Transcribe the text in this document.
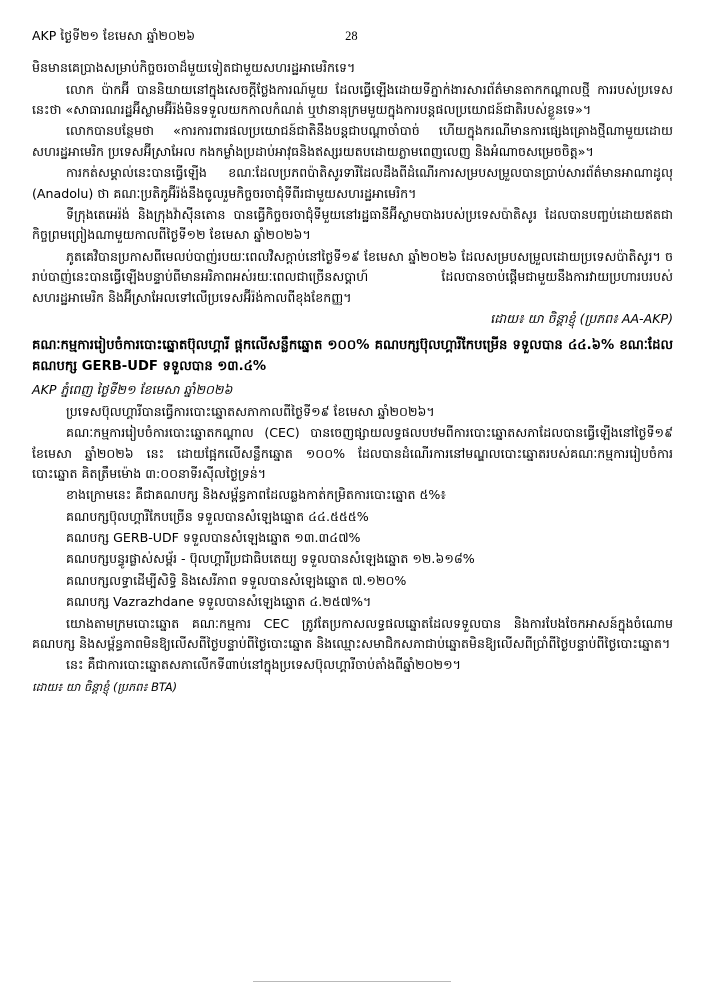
AKP ថ្ងៃទី២១ ខែមេសា ឆ្នាំ២០២៦	28

មិនមានគេប្រាងសម្រាប់កិច្ចចរចាដ៏មួយទៀតជាមួយសហរដ្ឋអាមេរិកទេ។

លោក ប៉ាកអ៊ី បាននិយាយនៅក្នុងសេចក្ដីថ្លែងការណ៍មួយ ដែលធ្វើឡើងដោយទីភ្នាក់ងារសារព័ត៌មានតាកកណ្ដាលថ្មី ការរបស់ប្រទេសនេះថា «សាធារណរដ្ឋអ៊ីស្លាមអ៊ីរ៉ង់មិនទទួលយកកាលកំណត់ ឬឋានានុក្រមមួយក្នុងការបន្តផលប្រយោជន៍ជាតិរបស់ខ្លួនទេ»។

លោកបានបន្ថែមថា «ការការពារផលប្រយោជន៍ជាតិនឹងបន្តជាបណ្ដាចាំបាច់ ហើយក្នុងករណីមានការផ្សេងគ្រោងថ្មីណាមួយដោយសហរដ្ឋអាមេរិក ប្រទេសអ៊ីស្រាអែល កងកម្លាំងប្រដាប់អាវុធនិងឥស្សរយតបដោយភ្លាមពេញលេញ និងអំណាចសម្រេចចិត្ត»។

ការកត់សម្គាល់នេះបានធ្វើឡើង ខណៈដែលប្រភពប៉ាតិសូរទារីដែលដឹងពីដំណើរការសម្របសម្រួលបានប្រាប់សារព័ត៌មានអាណាដូលុ (Anadolu) ថា គណៈប្រតិភូអ៊ីរ៉ង់នឹងចូលរួមកិច្ចចរចាជុំទីពីរជាមួយសហរដ្ឋអាមេរិក។

ទីក្រុងតេអេរ៉ង់ និងក្រុងវ៉ាស៊ីនតោន បានធ្វើកិច្ចចរចាជុំទីមួយនៅរដ្ឋធានីអ៊ីស្លាមបាងរបស់ប្រទេសប៉ាតិសូរ ដែលបានបញ្ចប់ដោយឥតជាកិច្ចព្រមព្រៀងណាមួយកាលពីថ្ងៃទី១២ ខែមេសា ឆ្នាំ២០២៦។

ភូតគេវិបានប្រកាសពីមេលប់បាញ់របយៈពេលវិសក្ដាប់នៅថ្ងៃទី១៩ ខែមេសា ឆ្នាំ២០២៦ ដែលសម្របសម្រួលដោយប្រទេសប៉ាតិសូរ។ ចរាប់បាញ់នេះបានធ្វើឡើងបន្ទាប់ពីមានអរិភាពអស់រយៈពេលជាច្រើនសប្ដាហ៍ ដែលបានចាប់ផ្ដើមជាមួយនឹងការវាយប្រហារបរបស់សហរដ្ឋអាមេរិក និងអ៊ីស្រាអែលទៅលើប្រទេសអ៊ីរ៉ង់កាលពីខុងខែកញ្ញ។

ដោយ៖ យា ចិន្ដាខ្ញុំ (ប្រភព៖ AA-AKP)

គណៈកម្មការរៀបចំការបោះឆ្នោតប៊ុលហ្គារី ផ្ដកលើសន្លឹកឆ្នោត ១០០% គណបក្សប៊ុលហ្គារីកែបម្រើន ទទួលបាន ៤៤.៦% ខណៈដែលគណបក្ស GERB-UDF ទទួលបាន ១៣.៤%
AKP ភ្នំពេញ ថ្ងៃទី២១ ខែមេសា ឆ្នាំ២០២៦

ប្រទេសប៊ុលហ្គារីបានធ្វើការបោះឆ្នោតសភាកាលពីថ្ងៃទី១៩ ខែមេសា ឆ្នាំ២០២៦។

គណៈកម្មការរៀបចំការបោះឆ្នោតកណ្ដាល (CEC) បានចេញផ្សាយលទ្ធផលបឋមពីការបោះឆ្នោតសភាដែលបានធ្វើឡើងនៅថ្ងៃទី១៩ ខែមេសា ឆ្នាំ២០២៦ នេះ ដោយផ្អែកលើសន្លឹកឆ្នោត ១០០% ដែលបានដំណើរការនៅមណ្ឌលបោះឆ្នោតរបស់គណៈកម្មការរៀបចំការបោះឆ្នោត គិតត្រឹមម៉ោង ៣:០០នាទីរស៊ីលថ្ងៃទ្រន់។

ខាងក្រោមនេះ គឺជាគណបក្ស និងសម្ព័ន្ធភាពដែលឆ្លងកាត់កម្រិតការបោះឆ្នោត ៥%៖

គណបក្សប៊ុលហ្គារីកែបច្រើន ទទួលបានសំឡេងឆ្នោត ៤៤.៥៥៥%

គណបក្ស GERB-UDF ទទួលបានសំឡេងឆ្នោត ១៣.៣៤៧%

គណបក្សបន្ធូរផ្លាស់សម្ព័រ - ប៊ុលហ្គារីប្រជាធិបតេយ្យ ទទួលបានសំឡេងឆ្នោត ១២.៦១៨%

គណបក្សលទ្ធាដើម្បីសិទ្ធិ និងសេរីភាព ទទួលបានសំឡេងឆ្នោត ៧.១២០%

គណបក្ស Vazrazhdane ទទួលបានសំឡេងឆ្នោត ៤.២៥៧%។

យោងតាមក្រមបោះឆ្នោត គណៈកម្មការ CEC ត្រូវតែប្រកាសលទ្ធផលឆ្នោតដែលទទួលបាន និងការបែងចែកអាសន៍ក្នុងចំណោមគណបក្ស និងសម្ព័ន្ធភាពមិនឱ្យលើសពីថ្ងៃបន្ទាប់ពីថ្ងៃបោះឆ្នោត និងឈ្មោះសមាជិកសភាជាប់ឆ្នោតមិនឱ្យលើសពីប្រាំពីថ្ងៃបន្ទាប់ពីថ្ងៃបោះឆ្នោត។

នេះ គឺជាការបោះឆ្នោតសភាលើកទី៣ាប់នៅក្នុងប្រទេសប៊ុលហ្គារីចាប់តាំងពីឆ្នាំ២០២១។

ដោយ៖ យា ចិន្ដាខ្ញុំ (ប្រភព៖ BTA)
